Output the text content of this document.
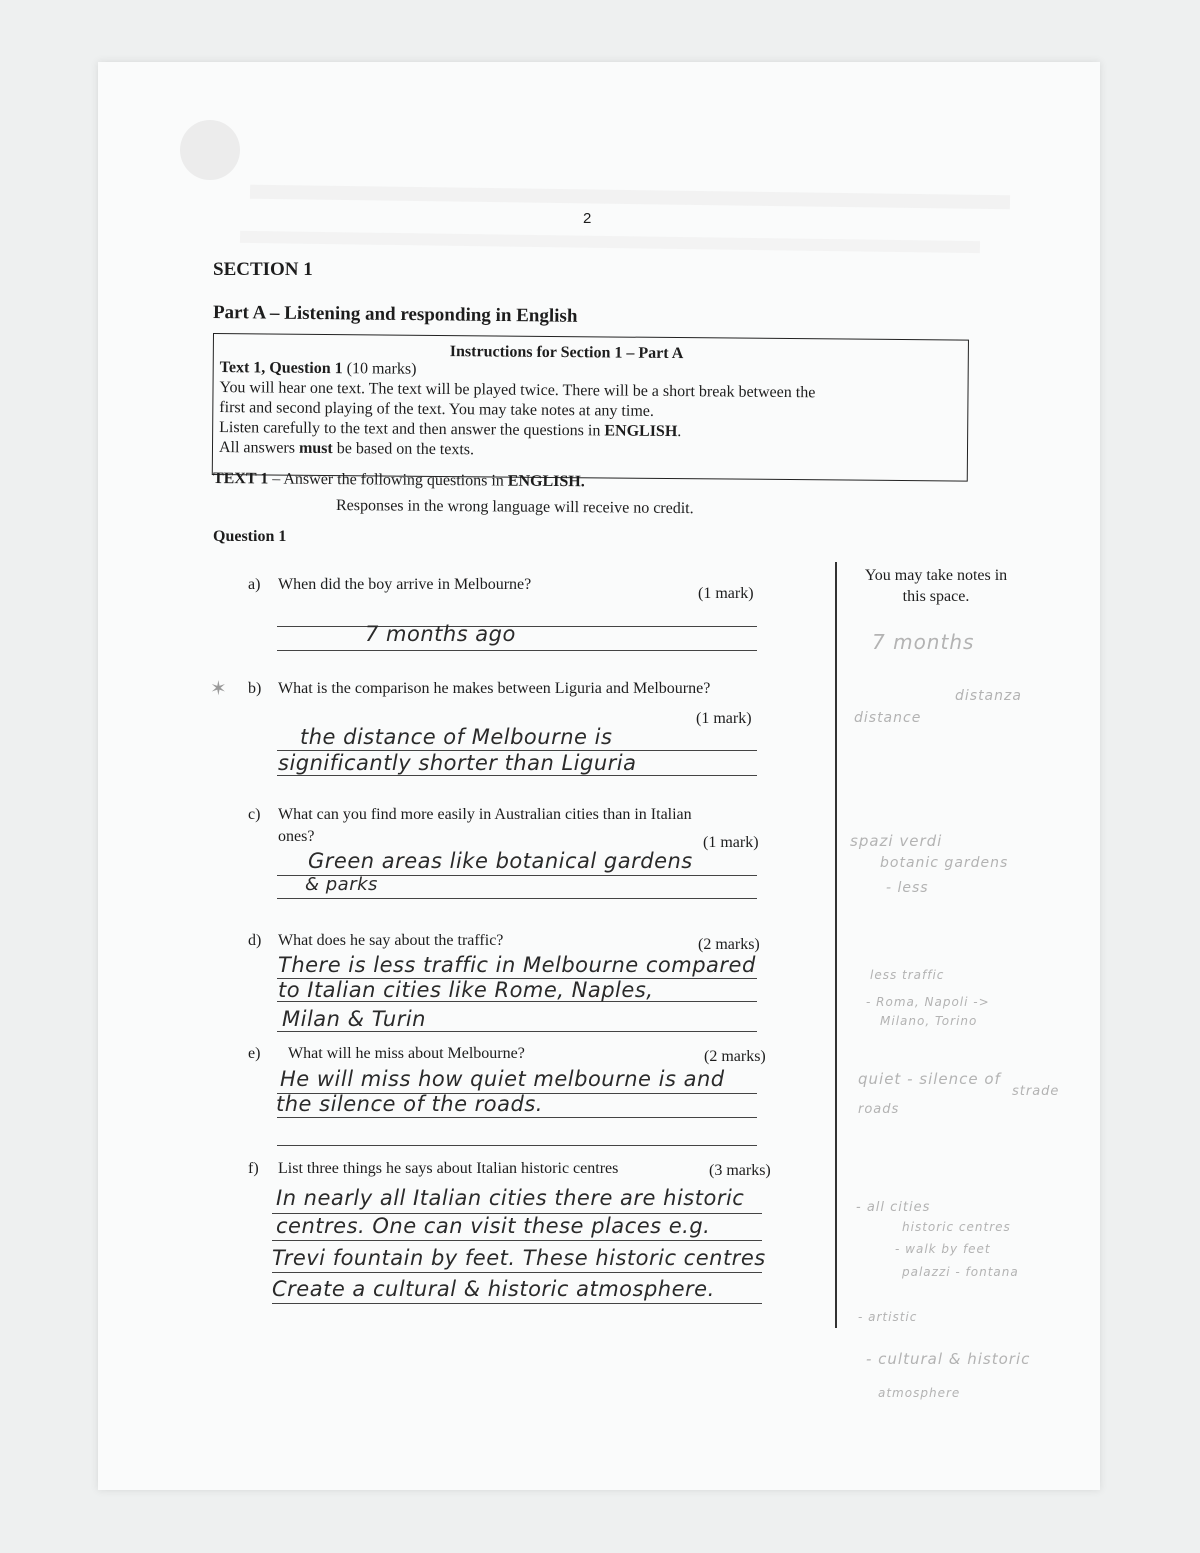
2
SECTION 1
Part A – Listening and responding in English
Instructions for Section 1 – Part A
Text 1, Question 1 (10 marks)
You will hear one text. The text will be played twice. There will be a short break between the
first and second playing of the text. You may take notes at any time.
Listen carefully to the text and then answer the questions in ENGLISH.
All answers must be based on the texts.
TEXT 1 – Answer the following questions in ENGLISH.
Responses in the wrong language will receive no credit.
Question 1
You may take notes in this space.
a) When did the boy arrive in Melbourne?
(1 mark)
7 months ago
✶ b) What is the comparison he makes between Liguria and Melbourne?
(1 mark)
the distance of Melbourne is
significantly shorter than Liguria
c) What can you find more easily in Australian cities than in Italian
ones?	(1 mark)
Green areas like botanical gardens
& parks
d) What does he say about the traffic?	(2 marks)
There is less traffic in Melbourne compared
to Italian cities like Rome, Naples,
Milan & Turin
e) What will he miss about Melbourne?	(2 marks)
He will miss how quiet melbourne is and
the silence of the roads.
f) List three things he says about Italian historic centres	(3 marks)
In nearly all Italian cities there are historic
centres. One can visit these places e.g.
Trevi fountain by feet. These historic centres
Create a cultural & historic atmosphere.
7 months
distanza
distance
spazi verdi
botanic gardens
- less
less traffic
- Roma, Napoli ->
Milano, Torino
quiet - silence of
strade
roads
- all cities
historic centres
- walk by feet
palazzi - fontana
- artistic
- cultural & historic
atmosphere
